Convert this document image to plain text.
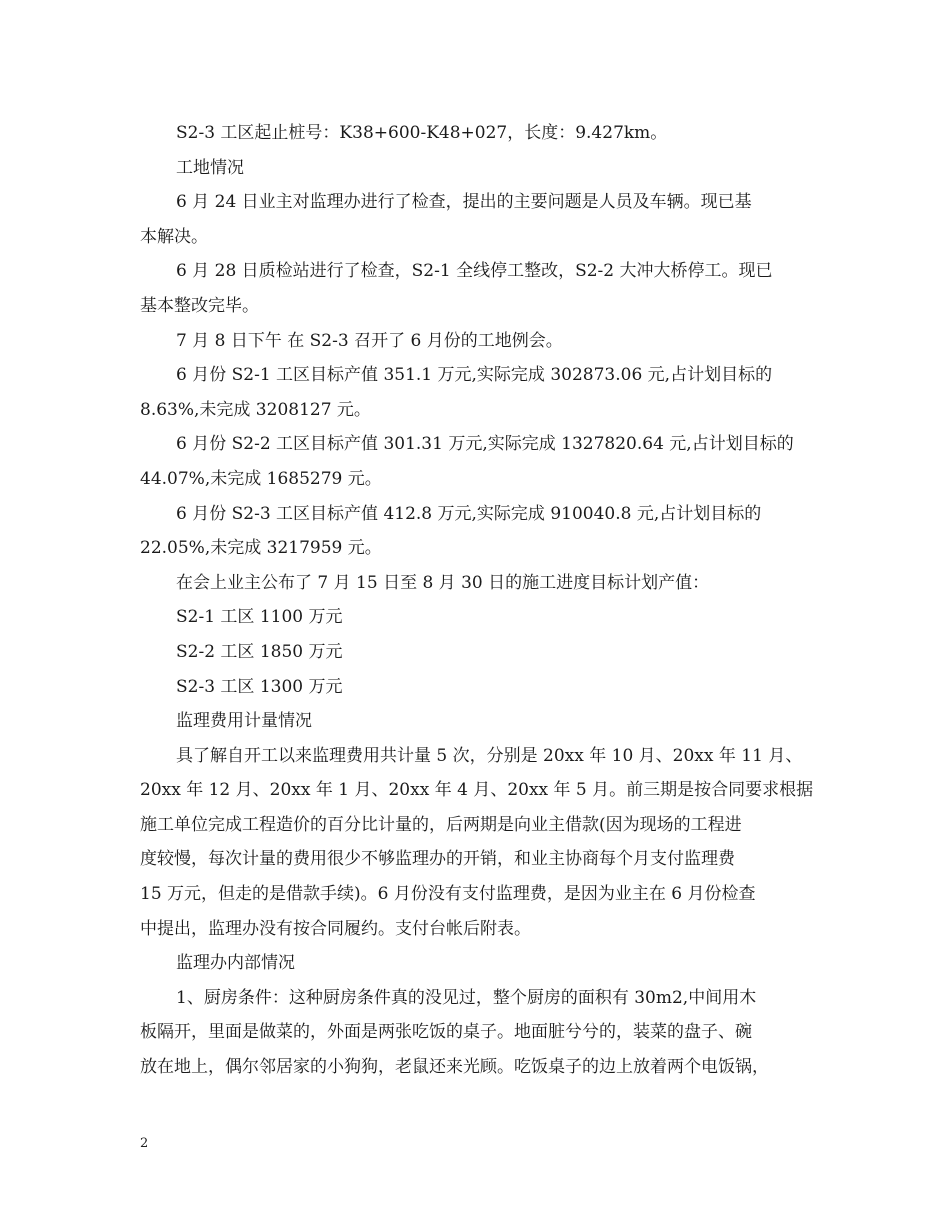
S2-3 工区起止桩号：K38+600-K48+027，长度：9.427km。
工地情况
6 月 24 日业主对监理办进行了检查，提出的主要问题是人员及车辆。现已基
本解决。
6 月 28 日质检站进行了检查，S2-1 全线停工整改，S2-2 大冲大桥停工。现已
基本整改完毕。
7 月 8 日下午 在 S2-3 召开了 6 月份的工地例会。
6 月份 S2-1 工区目标产值 351.1 万元,实际完成 302873.06 元,占计划目标的
8.63%,未完成 3208127 元。
6 月份 S2-2 工区目标产值 301.31 万元,实际完成 1327820.64 元,占计划目标的
44.07%,未完成 1685279 元。
6 月份 S2-3 工区目标产值 412.8 万元,实际完成 910040.8 元,占计划目标的
22.05%,未完成 3217959 元。
在会上业主公布了 7 月 15 日至 8 月 30 日的施工进度目标计划产值：
S2-1 工区 1100 万元
S2-2 工区 1850 万元
S2-3 工区 1300 万元
监理费用计量情况
具了解自开工以来监理费用共计量 5 次，分别是 20xx 年 10 月、20xx 年 11 月、
20xx 年 12 月、20xx 年 1 月、20xx 年 4 月、20xx 年 5 月。前三期是按合同要求根据
施工单位完成工程造价的百分比计量的，后两期是向业主借款(因为现场的工程进
度较慢，每次计量的费用很少不够监理办的开销，和业主协商每个月支付监理费
15 万元，但走的是借款手续)。6 月份没有支付监理费，是因为业主在 6 月份检查
中提出，监理办没有按合同履约。支付台帐后附表。
监理办内部情况
1、厨房条件：这种厨房条件真的没见过，整个厨房的面积有 30m2,中间用木
板隔开，里面是做菜的，外面是两张吃饭的桌子。地面脏兮兮的，装菜的盘子、碗
放在地上，偶尔邻居家的小狗狗，老鼠还来光顾。吃饭桌子的边上放着两个电饭锅，
2
